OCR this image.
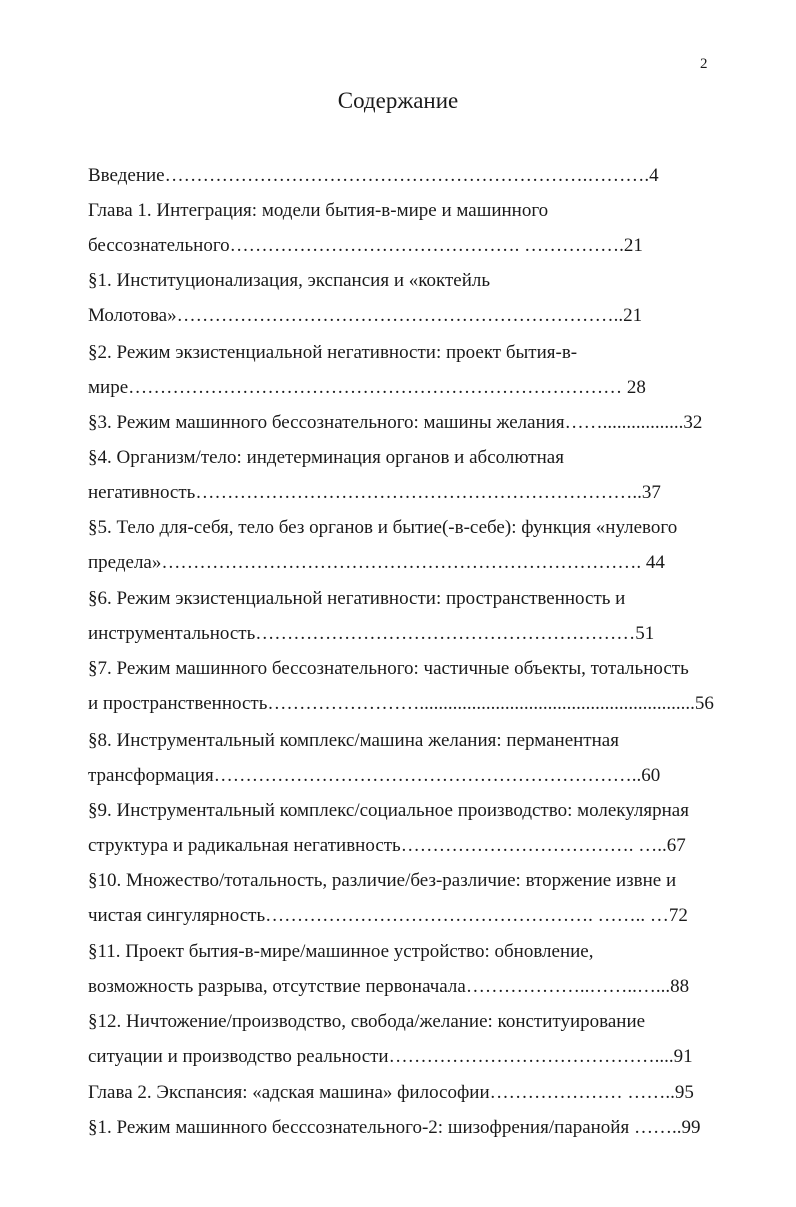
2
Содержание
Введение………………………………………………………….……….4
Глава 1. Интеграция: модели бытия-в-мире и машинного
бессознательного………………………………………. …………….21
§1. Институционализация, экспансия и «коктейль
Молотова»……………………………………………………………..21
§2. Режим экзистенциальной негативности: проект бытия-в-
мире…………………………………………………………………… 28
§3. Режим машинного бессознательного: машины желания…….................32
§4. Организм/тело: индетерминация органов и абсолютная
негативность……………………………………………………………..37
§5. Тело для-себя, тело без органов и бытие(-в-себе): функция «нулевого
предела»…………………………………………………………………. 44
§6. Режим экзистенциальной негативности: пространственность и
инструментальность……………………………………………………51
§7. Режим машинного бессознательного: частичные объекты, тотальность
и пространственность……………………..........................................................56
§8. Инструментальный комплекс/машина желания: перманентная
трансформация…………………………………………………………..60
§9. Инструментальный комплекс/социальное производство: молекулярная
структура и радикальная негативность………………………………. …..67
§10. Множество/тотальность, различие/без-различие: вторжение извне и
чистая сингулярность……………………………………………. …….. …72
§11. Проект бытия-в-мире/машинное устройство: обновление,
возможность разрыва, отсутствие первоначала………………..……..…...88
§12. Ничтожение/производство, свобода/желание: конституирование
ситуации и производство реальности……………………………………....91
Глава 2. Экспансия: «адская машина» философии………………… ……..95
§1. Режим машинного бесссознательного-2: шизофрения/паранойя ……..99
